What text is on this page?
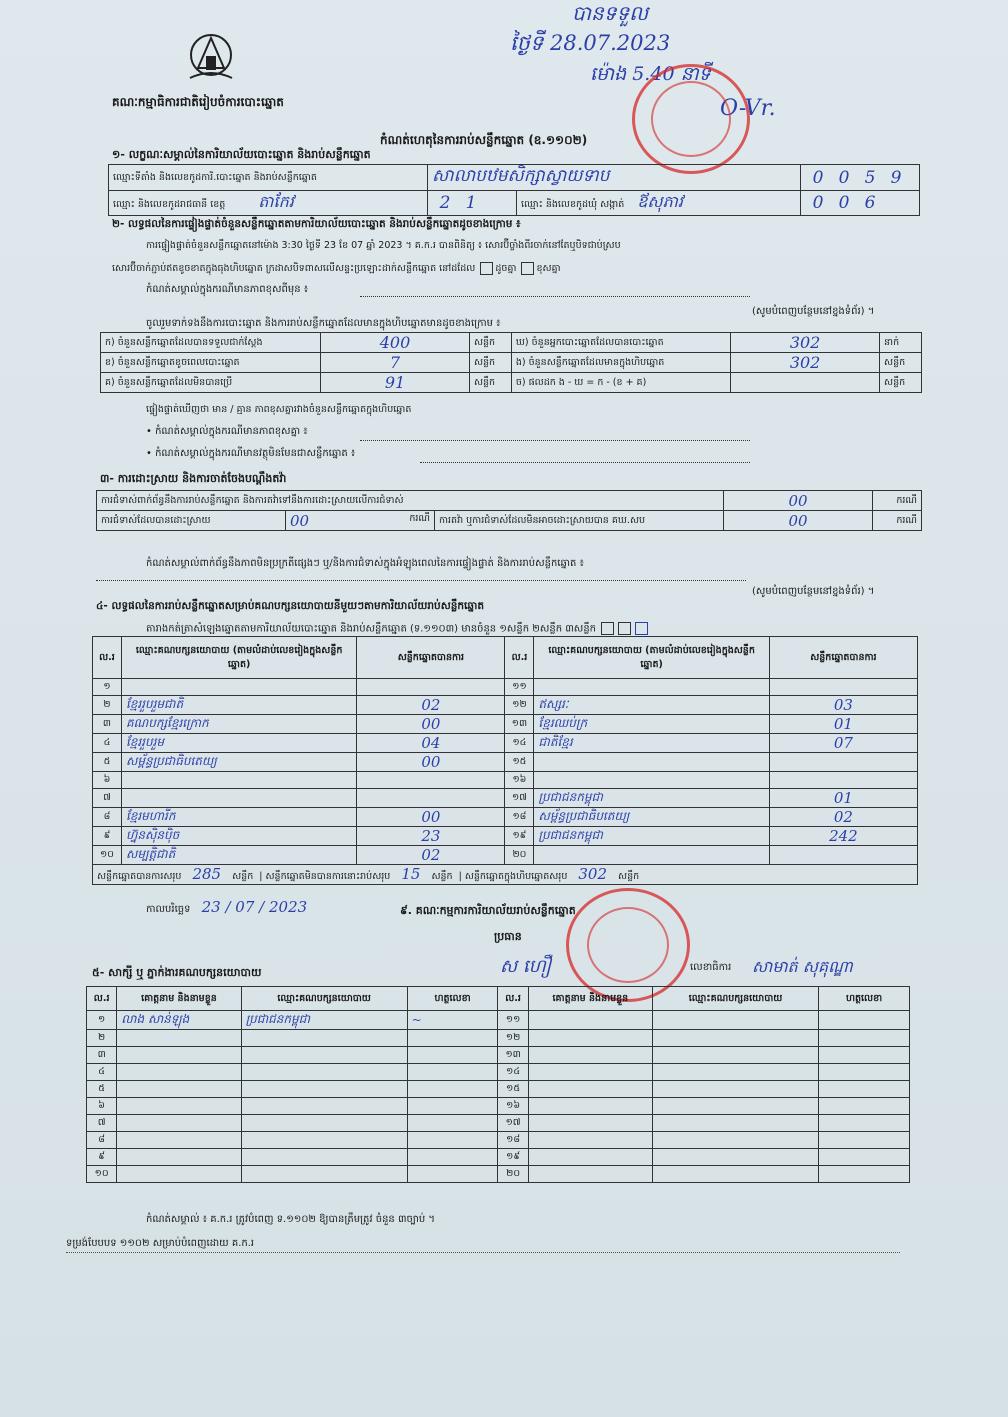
គណៈកម្មាធិការជាតិរៀបចំការបោះឆ្នោត
បានទទួល
ថ្ងៃទី 28.07.2023
ម៉ោង 5.40 នាទី
O-Vr.
កំណត់ហេតុនៃការរាប់សន្លឹកឆ្នោត (ឧ.១១០២)
១- លក្ខណៈសម្គាល់នៃការិយាល័យបោះឆ្នោត និងរាប់សន្លឹកឆ្នោត
ឈ្មោះទីតាំង និងលេខកូដការិ.បោះឆ្នោត និងរាប់សន្លឹកឆ្នោត	សាលាបឋមសិក្សាស្វាយទាប		0 0 5 9
ឈ្មោះ និងលេខកូដរាជធានី ខេត្ត តាកែវ	2 1	ឈ្មោះ និងលេខកូដឃុំ សង្កាត់ ឪសុភាវ	0 0 6
២- លទ្ធផលនៃការផ្ទៀងផ្ទាត់ចំនួនសន្លឹកឆ្នោតតាមការិយាល័យបោះឆ្នោត និងរាប់សន្លឹកឆ្នោតដូចខាងក្រោម ៖
ការផ្ទៀងផ្ទាត់ចំនួនសន្លឹកឆ្នោតនៅម៉ោង 3:30 ថ្ងៃទី 23 ខែ 07 ឆ្នាំ 2023 ។ គ.ក.រ បានពិនិត្យ ៖ សោរប៊ីច្ចាំងពីរចាក់នៅតែឬបិទជាប់ស្រប
សោរប៊ីចាក់ភ្ជាប់ឥតខូចខាតក្នុងធុងហិបឆ្នោត ក្រដាសបិទពាសលើសន្ទះប្រឡោះដាក់សន្លឹកឆ្នោត នៅដដែល ដូចគ្នា ខុសគ្នា
កំណត់សម្គាល់ក្នុងករណីមានភាពខុសពីមុន ៖
(សូមបំពេញបន្ថែមនៅខ្នងទំព័រ) ។
ចូលរួមទាក់ទងនឹងការបោះឆ្នោត និងការរាប់សន្លឹកឆ្នោតដែលមានក្នុងហិបឆ្នោតមានដូចខាងក្រោម ៖
ក) ចំនួនសន្លឹកឆ្នោតដែលបានទទួលជាក់ស្តែង	400	សន្លឹក	ឃ) ចំនួនអ្នកបោះឆ្នោតដែលបានបោះឆ្នោត	302	នាក់
ខ) ចំនួនសន្លឹកឆ្នោតខូចពេលបោះឆ្នោត	7	សន្លឹក	ង) ចំនួនសន្លឹកឆ្នោតដែលមានក្នុងហិបឆ្នោត	302	សន្លឹក
គ) ចំនួនសន្លឹកឆ្នោតដែលមិនបានប្រើ	91	សន្លឹក	ច) ផលដក ង - ឃ = ក - (ខ + គ)		សន្លឹក
ផ្ទៀងផ្ទាត់ឃើញថា មាន / គ្មាន ភាពខុសគ្នារវាងចំនួនសន្លឹកឆ្នោតក្នុងហិបឆ្នោត
• កំណត់សម្គាល់ក្នុងករណីមានភាពខុសគ្នា ៖
• កំណត់សម្គាល់ក្នុងករណីមានវត្ថុមិនមែនជាសន្លឹកឆ្នោត ៖
៣- ការដោះស្រាយ និងការចាត់ចែងបណ្តឹងតវ៉ា
ការជំទាស់ពាក់ព័ន្ធនឹងការរាប់សន្លឹកឆ្នោត និងការតវ៉ាទៅនឹងការដោះស្រាយលើការជំទាស់			00	ករណី
ការជំទាស់ដែលបានដោះស្រាយ	00 ករណី	ការតវ៉ា ឬការជំទាស់ដែលមិនអាចដោះស្រាយបាន គឃ.សប	00	ករណី
កំណត់សម្គាល់ពាក់ព័ន្ធនឹងភាពមិនប្រក្រតីផ្សេងៗ ឬ/និងការជំទាស់ក្នុងអំឡុងពេលនៃការផ្ទៀងផ្ទាត់ និងការរាប់សន្លឹកឆ្នោត ៖
(សូមបំពេញបន្ថែមនៅខ្នងទំព័រ) ។
៤- លទ្ធផលនៃការរាប់សន្លឹកឆ្នោតសម្រាប់គណបក្សនយោបាយនីមួយៗតាមការិយាល័យរាប់សន្លឹកឆ្នោត
តារាងកត់ត្រាសំឡេងឆ្នោតតាមការិយាល័យបោះឆ្នោត និងរាប់សន្លឹកឆ្នោត (ទ.១១០៣) មានចំនួន ១សន្លឹក ២សន្លឹក ៣សន្លឹក
ល.រ	ឈ្មោះគណបក្សនយោបាយ (តាមលំដាប់លេខរៀងក្នុងសន្លឹកឆ្នោត)	សន្លឹកឆ្នោតបានការ	ល.រ	ឈ្មោះគណបក្សនយោបាយ (តាមលំដាប់លេខរៀងក្នុងសន្លឹកឆ្នោត)	សន្លឹកឆ្នោតបានការ
១			១១		
២	ខ្មែររួបរួមជាតិ	02	១២	ឥស្សរៈ	03
៣	គណបក្សខ្មែរក្រោក	00	១៣	ខ្មែរឈប់ក្រ	01
៤	ខ្មែររួបរួម	04	១៤	ជាតិខ្មែរ	07
៥	សម្ព័ន្ធប្រជាធិបតេយ្យ	00	១៥		
៦			១៦		
៧			១៧	ប្រជាជនកម្ពុជា	01
៨	ខ្មែរមហារីក	00	១៨	សម្ព័ន្ធប្រជាធិបតេយ្យ	02
៩	ហ្វ៊ុនស៊ិនប៉ិច	23	១៩	ប្រជាជនកម្ពុជា	242
១០	សម្បត្តិជាតិ	02	២០		
សន្លឹកឆ្នោតបានការសរុប 285 សន្លឹក  | សន្លឹកឆ្នោតមិនបានការនោះរាប់សរុប 15 សន្លឹក  | សន្លឹកឆ្នោតក្នុងហិបឆ្នោតសរុប 302 សន្លឹក					
កាលបរិច្ឆេទ 23 / 07 / 2023	៩. គណៈកម្មការការិយាល័យរាប់សន្លឹកឆ្នោត
ប្រធាន
ស ហឿ	លេខាធិការ សាមាត់ សុគុណ្ឌា
៥- សាក្សី ឬ ភ្នាក់ងារគណបក្សនយោបាយ
ល.រ	គោត្តនាម និងនាមខ្លួន	ឈ្មោះគណបក្សនយោបាយ	ហត្ថលេខា	ល.រ	គោត្តនាម និងនាមខ្លួន	ឈ្មោះគណបក្សនយោបាយ	ហត្ថលេខា
១	លាង សាន់ឡុង	ប្រជាជនកម្ពុជា	~	១១			
២				១២			
៣				១៣			
៤				១៤			
៥				១៥			
៦				១៦			
៧				១៧			
៨				១៨			
៩				១៩			
១០				២០			
កំណត់សម្គាល់ ៖ គ.ក.រ ត្រូវបំពេញ ទ.១១០២ ឱ្យបានត្រឹមត្រូវ ចំនួន ៣ច្បាប់ ។
ទម្រង់បែបបទ ១១០២ សម្រាប់បំពេញដោយ គ.ក.រ
